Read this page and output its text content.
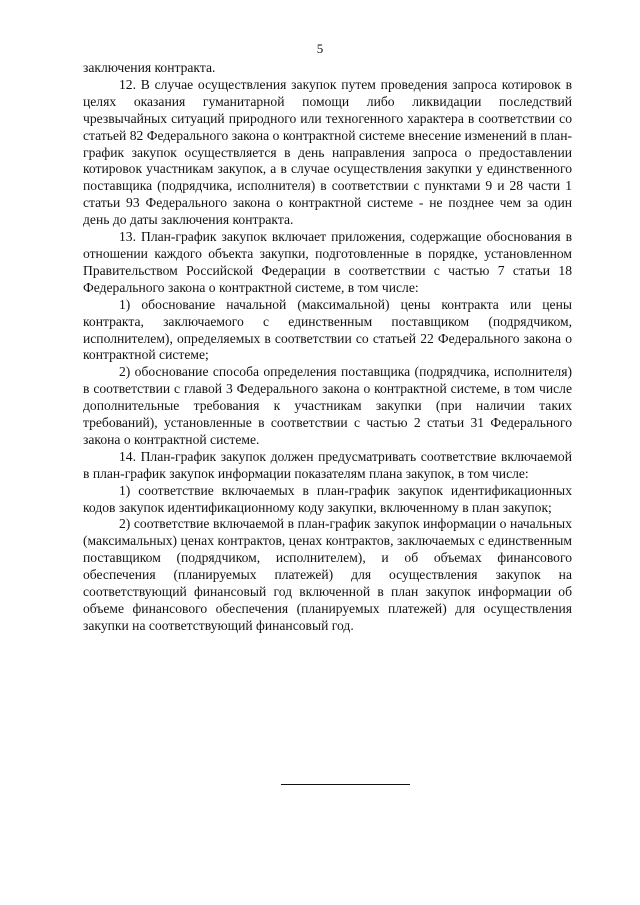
5

заключения контракта.

12. В случае осуществления закупок путем проведения запроса котировок в целях оказания гуманитарной помощи либо ликвидации последствий чрезвычайных ситуаций природного или техногенного характера в соответствии со статьей 82 Федерального закона о контрактной системе внесение изменений в план-график закупок осуществляется в день направления запроса о предоставлении котировок участникам закупок, а в случае осуществления закупки у единственного поставщика (подрядчика, исполнителя) в соответствии с пунктами 9 и 28 части 1 статьи 93 Федерального закона о контрактной системе - не позднее чем за один день до даты заключения контракта.

13. План-график закупок включает приложения, содержащие обоснования в отношении каждого объекта закупки, подготовленные в порядке, установленном Правительством Российской Федерации в соответствии с частью 7 статьи 18 Федерального закона о контрактной системе, в том числе:

1) обоснование начальной (максимальной) цены контракта или цены контракта, заключаемого с единственным поставщиком (подрядчиком, исполнителем), определяемых в соответствии со статьей 22 Федерального закона о контрактной системе;

2) обоснование способа определения поставщика (подрядчика, исполнителя) в соответствии с главой 3 Федерального закона о контрактной системе, в том числе дополнительные требования к участникам закупки (при наличии таких требований), установленные в соответствии с частью 2 статьи 31 Федерального закона о контрактной системе.

14. План-график закупок должен предусматривать соответствие включаемой в план-график закупок информации показателям плана закупок, в том числе:

1) соответствие включаемых в план-график закупок идентификационных кодов закупок идентификационному коду закупки, включенному в план закупок;

2) соответствие включаемой в план-график закупок информации о начальных (максимальных) ценах контрактов, ценах контрактов, заключаемых с единственным поставщиком (подрядчиком, исполнителем), и об объемах финансового обеспечения (планируемых платежей) для осуществления закупок на соответствующий финансовый год включенной в план закупок информации об объеме финансового обеспечения (планируемых платежей) для осуществления закупки на соответствующий финансовый год.
